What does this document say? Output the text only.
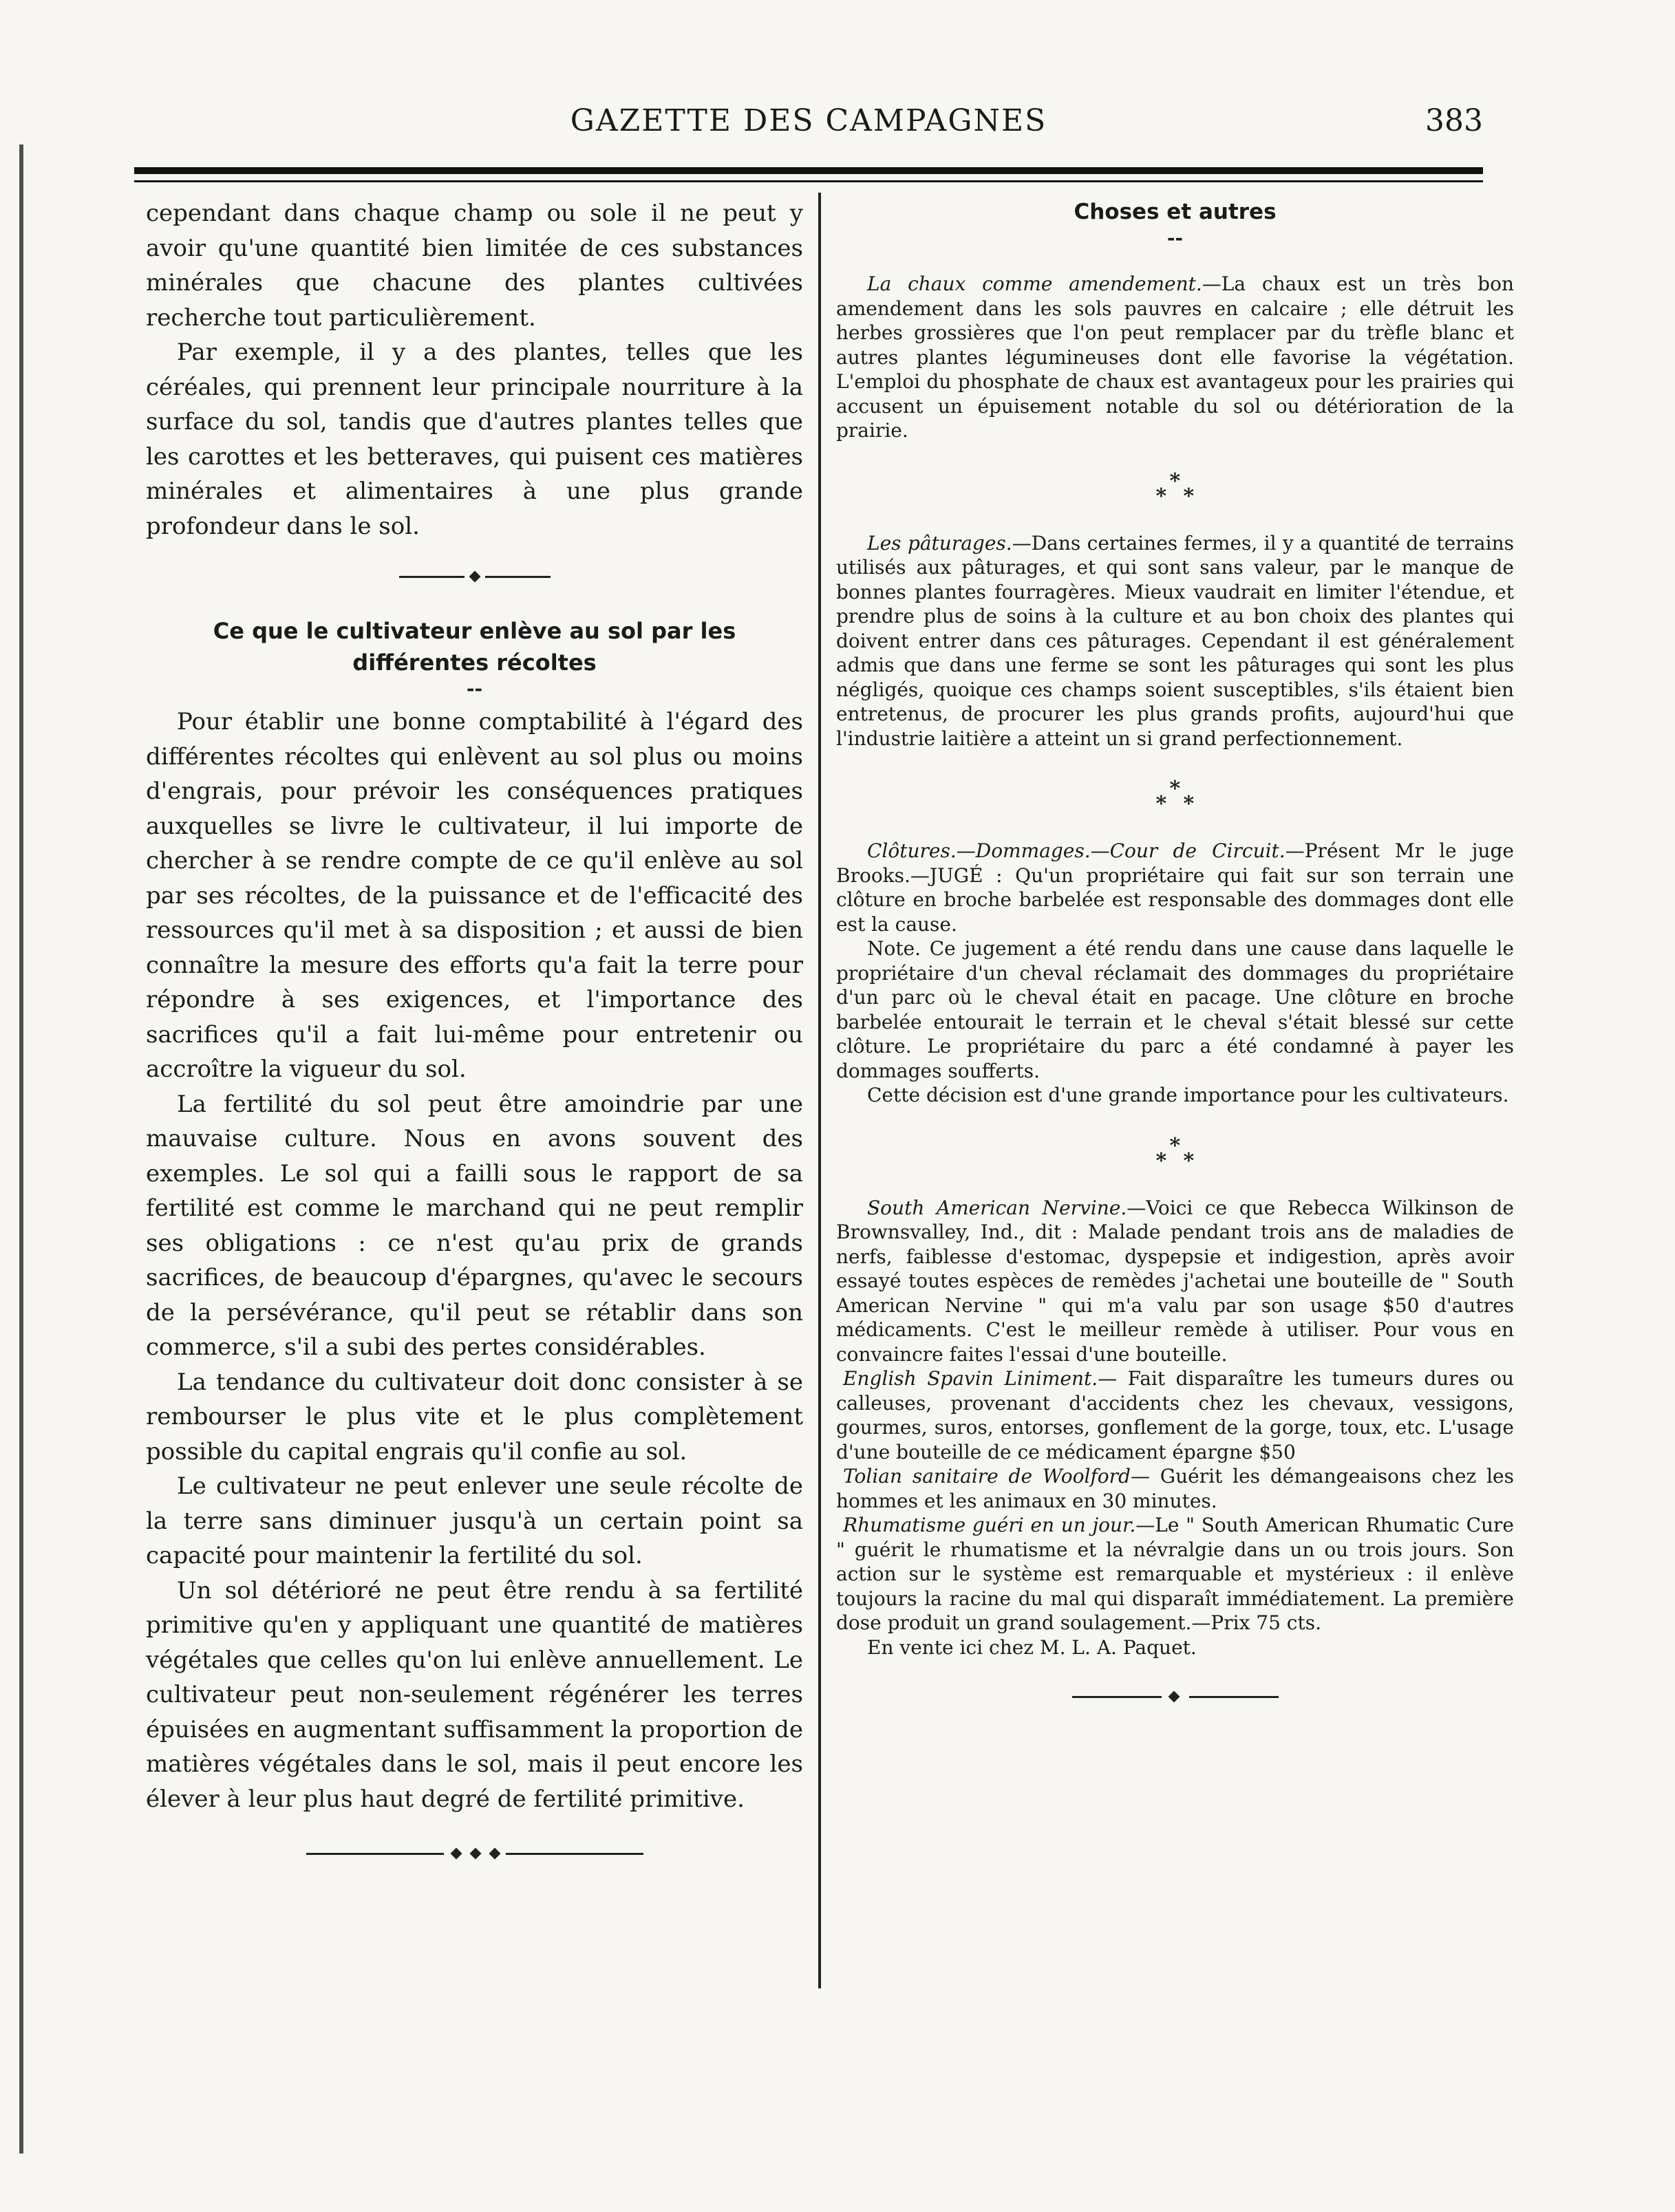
GAZETTE DES CAMPAGNES	383

cependant dans chaque champ ou sole il ne peut y avoir qu'une quantité bien limitée de ces substances minérales que chacune des plantes cultivées recherche tout particulièrement.

Par exemple, il y a des plantes, telles que les céréales, qui prennent leur principale nourriture à la surface du sol, tandis que d'autres plantes telles que les carottes et les betteraves, qui puisent ces matières minérales et alimentaires à une plus grande profondeur dans le sol.

Ce que le cultivateur enlève au sol par les différentes récoltes
--

Pour établir une bonne comptabilité à l'égard des différentes récoltes qui enlèvent au sol plus ou moins d'engrais, pour prévoir les conséquences pratiques auxquelles se livre le cultivateur, il lui importe de chercher à se rendre compte de ce qu'il enlève au sol par ses récoltes, de la puissance et de l'efficacité des ressources qu'il met à sa disposition ; et aussi de bien connaître la mesure des efforts qu'a fait la terre pour répondre à ses exigences, et l'importance des sacrifices qu'il a fait lui-même pour entretenir ou accroître la vigueur du sol.

La fertilité du sol peut être amoindrie par une mauvaise culture. Nous en avons souvent des exemples. Le sol qui a failli sous le rapport de sa fertilité est comme le marchand qui ne peut remplir ses obligations : ce n'est qu'au prix de grands sacrifices, de beaucoup d'épargnes, qu'avec le secours de la persévérance, qu'il peut se rétablir dans son commerce, s'il a subi des pertes considérables.

La tendance du cultivateur doit donc consister à se rembourser le plus vite et le plus complètement possible du capital engrais qu'il confie au sol.

Le cultivateur ne peut enlever une seule récolte de la terre sans diminuer jusqu'à un certain point sa capacité pour maintenir la fertilité du sol.

Un sol détérioré ne peut être rendu à sa fertilité primitive qu'en y appliquant une quantité de matières végétales que celles qu'on lui enlève annuellement. Le cultivateur peut non-seulement régénérer les terres épuisées en augmentant suffisamment la proportion de matières végétales dans le sol, mais il peut encore les élever à leur plus haut degré de fertilité primitive.

Choses et autres
--

La chaux comme amendement.—La chaux est un très bon amendement dans les sols pauvres en calcaire ; elle détruit les herbes grossières que l'on peut remplacer par du trèfle blanc et autres plantes légumineuses dont elle favorise la végétation. L'emploi du phosphate de chaux est avantageux pour les prairies qui accusent un épuisement notable du sol ou détérioration de la prairie.

*
* *

Les pâturages.—Dans certaines fermes, il y a quantité de terrains utilisés aux pâturages, et qui sont sans valeur, par le manque de bonnes plantes fourragères. Mieux vaudrait en limiter l'étendue, et prendre plus de soins à la culture et au bon choix des plantes qui doivent entrer dans ces pâturages. Cependant il est généralement admis que dans une ferme se sont les pâturages qui sont les plus négligés, quoique ces champs soient susceptibles, s'ils étaient bien entretenus, de procurer les plus grands profits, aujourd'hui que l'industrie laitière a atteint un si grand perfectionnement.

*
* *

Clôtures.—Dommages.—Cour de Circuit.—Présent Mr le juge Brooks.—JUGÉ : Qu'un propriétaire qui fait sur son terrain une clôture en broche barbelée est responsable des dommages dont elle est la cause.

Note. Ce jugement a été rendu dans une cause dans laquelle le propriétaire d'un cheval réclamait des dommages du propriétaire d'un parc où le cheval était en pacage. Une clôture en broche barbelée entourait le terrain et le cheval s'était blessé sur cette clôture. Le propriétaire du parc a été condamné à payer les dommages soufferts.

Cette décision est d'une grande importance pour les cultivateurs.

*
* *

South American Nervine.—Voici ce que Rebecca Wilkinson de Brownsvalley, Ind., dit : Malade pendant trois ans de maladies de nerfs, faiblesse d'estomac, dyspepsie et indigestion, après avoir essayé toutes espèces de remèdes j'achetai une bouteille de " South American Nervine " qui m'a valu par son usage $50 d'autres médicaments. C'est le meilleur remède à utiliser. Pour vous en convaincre faites l'essai d'une bouteille.

English Spavin Liniment.— Fait disparaître les tumeurs dures ou calleuses, provenant d'accidents chez les chevaux, vessigons, gourmes, suros, entorses, gonflement de la gorge, toux, etc. L'usage d'une bouteille de ce médicament épargne $50

Tolian sanitaire de Woolford— Guérit les démangeaisons chez les hommes et les animaux en 30 minutes.

Rhumatisme guéri en un jour.—Le " South American Rhumatic Cure " guérit le rhumatisme et la névralgie dans un ou trois jours. Son action sur le système est remarquable et mystérieux : il enlève toujours la racine du mal qui disparaît immédiatement. La première dose produit un grand soulagement.—Prix 75 cts.

En vente ici chez M. L. A. Paquet.
